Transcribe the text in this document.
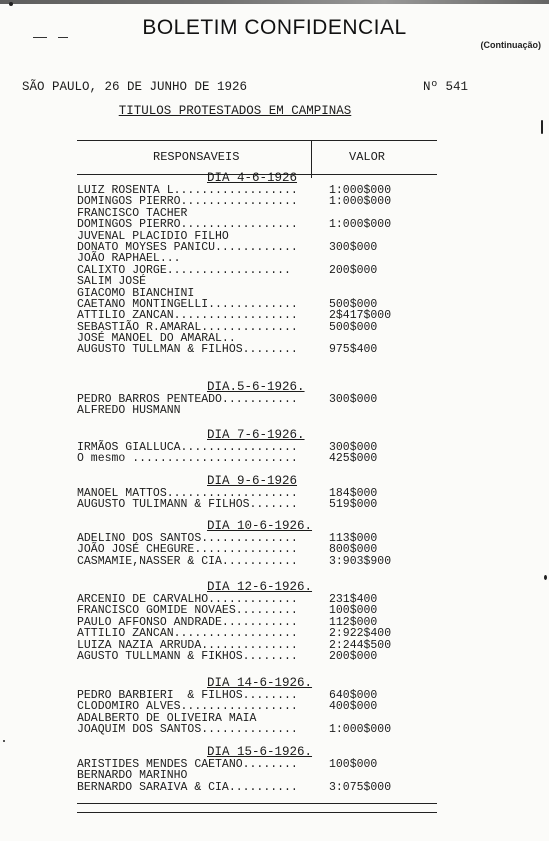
BOLETIM CONFIDENCIAL
(Continuação)
SÃO PAULO, 26 DE JUNHO DE 1926	Nº 541
TITULOS PROTESTADOS EM CAMPINAS
RESPONSAVEIS	VALOR
DIA 4-6-1926
LUIZ ROSENTA L..................	1:000$000
DOMINGOS PIERRO.................	1:000$000
FRANCISCO TACHER
DOMINGOS PIERRO.................	1:000$000
JUVENAL PLACIDIO FILHO
DONATO MOYSES PANICU............	300$000
JOÃO RAPHAEL...
CALIXTO JORGE..................	200$000
SALIM JOSÉ
GIACOMO BIANCHINI
CAETANO MONTINGELLI.............	500$000
ATTILIO ZANCAN..................	2$417$000
SEBASTIÃO R.AMARAL..............	500$000
JOSÉ MANOEL DO AMARAL..
AUGUSTO TULLMAN & FILHOS........	975$400
DIA.5-6-1926.
PEDRO BARROS PENTEADO...........	300$000
ALFREDO HUSMANN
DIA 7-6-1926.
IRMÃOS GIALLUCA.................	300$000
O mesmo ........................	425$000
DIA 9-6-1926
MANOEL MATTOS...................	184$000
AUGUSTO TULIMANN & FILHOS.......	519$000
DIA 10-6-1926.
ADELINO DOS SANTOS..............	113$000
JOÃO JOSÉ CHEGURE...............	800$000
CASMAMIE,NASSER & CIA...........	3:903$900
DIA 12-6-1926.
ARCENIO DE CARVALHO.............	231$400
FRANCISCO GOMIDE NOVAES.........	100$000
PAULO AFFONSO ANDRADE...........	112$000
ATTILIO ZANCAN..................	2:922$400
LUIZA NAZIA ARRUDA..............	2:244$500
AGUSTO TULLMANN & FIKHOS........	200$000
DIA 14-6-1926.
PEDRO BARBIERI  & FILHOS........	640$000
CLODOMIRO ALVES.................	400$000
ADALBERTO DE OLIVEIRA MAIA
JOAQUIM DOS SANTOS..............	1:000$000
DIA 15-6-1926.
ARISTIDES MENDES CAETANO........	100$000
BERNARDO MARINHO
BERNARDO SARAIVA & CIA..........	3:075$000
